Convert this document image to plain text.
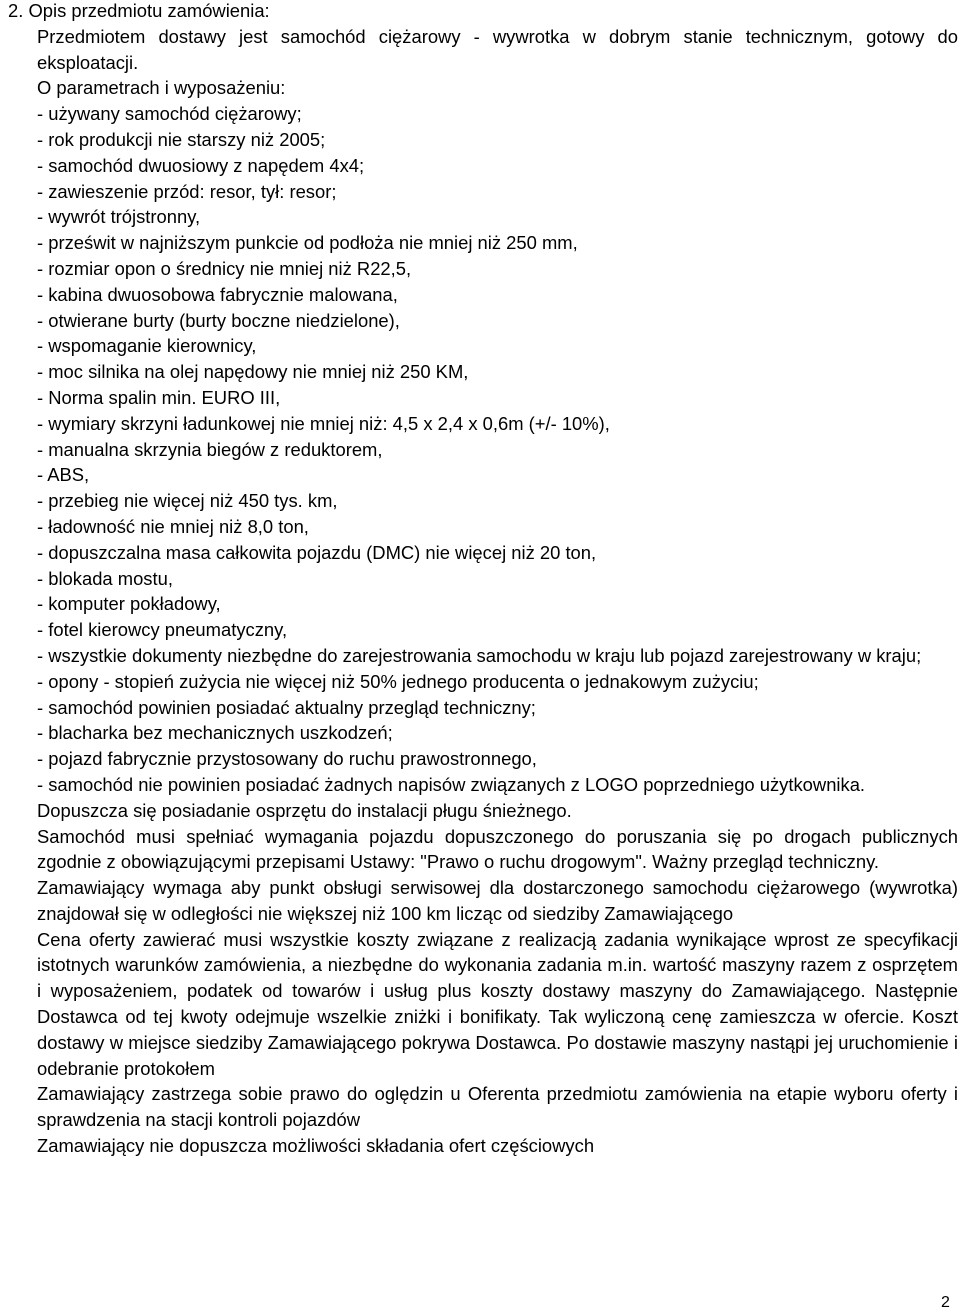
2. Opis przedmiotu zamówienia:

Przedmiotem dostawy jest samochód ciężarowy - wywrotka w dobrym stanie technicznym, gotowy do eksploatacji.

O parametrach i wyposażeniu:

- używany samochód ciężarowy;
- rok produkcji nie starszy niż 2005;
- samochód dwuosiowy z napędem 4x4;
- zawieszenie przód: resor, tył: resor;
- wywrót trójstronny,
- prześwit w najniższym punkcie od podłoża nie mniej niż 250 mm,
- rozmiar opon o średnicy nie mniej niż R22,5,
- kabina dwuosobowa fabrycznie malowana,
- otwierane burty (burty boczne niedzielone),
- wspomaganie kierownicy,
- moc silnika na olej napędowy nie mniej niż 250 KM,
- Norma spalin min. EURO III,
- wymiary skrzyni ładunkowej nie mniej niż: 4,5 x 2,4 x 0,6m (+/- 10%),
- manualna skrzynia biegów z reduktorem,
- ABS,
- przebieg nie więcej niż 450 tys. km,
- ładowność nie mniej niż 8,0 ton,
- dopuszczalna masa całkowita pojazdu (DMC) nie więcej niż 20 ton,
- blokada mostu,
- komputer pokładowy,
- fotel kierowcy pneumatyczny,
- wszystkie dokumenty niezbędne do zarejestrowania samochodu w kraju lub pojazd zarejestrowany w kraju;
- opony - stopień zużycia nie więcej niż 50% jednego producenta o jednakowym zużyciu;
- samochód powinien posiadać aktualny przegląd techniczny;
- blacharka bez mechanicznych uszkodzeń;
- pojazd fabrycznie przystosowany do ruchu prawostronnego,
- samochód nie powinien posiadać żadnych napisów związanych z LOGO poprzedniego użytkownika.

Dopuszcza się posiadanie osprzętu do instalacji pługu śnieżnego.

Samochód musi spełniać wymagania pojazdu dopuszczonego do poruszania się po drogach publicznych zgodnie z obowiązującymi przepisami Ustawy: "Prawo o ruchu drogowym". Ważny przegląd techniczny.

Zamawiający wymaga aby punkt obsługi serwisowej dla dostarczonego samochodu ciężarowego (wywrotka) znajdował się w odległości nie większej niż 100 km licząc od siedziby Zamawiającego

Cena oferty zawierać musi wszystkie koszty związane z realizacją zadania wynikające wprost ze specyfikacji istotnych warunków zamówienia, a niezbędne do wykonania zadania m.in. wartość maszyny razem z osprzętem i wyposażeniem, podatek od towarów i usług plus koszty dostawy maszyny do Zamawiającego. Następnie Dostawca od tej kwoty odejmuje wszelkie zniżki i bonifikaty. Tak wyliczoną cenę zamieszcza w ofercie. Koszt dostawy w miejsce siedziby Zamawiającego pokrywa Dostawca. Po dostawie maszyny nastąpi jej uruchomienie i odebranie protokołem

Zamawiający zastrzega sobie prawo do oględzin u Oferenta przedmiotu zamówienia na etapie wyboru oferty i sprawdzenia na stacji kontroli pojazdów

Zamawiający nie dopuszcza możliwości składania ofert częściowych

2
